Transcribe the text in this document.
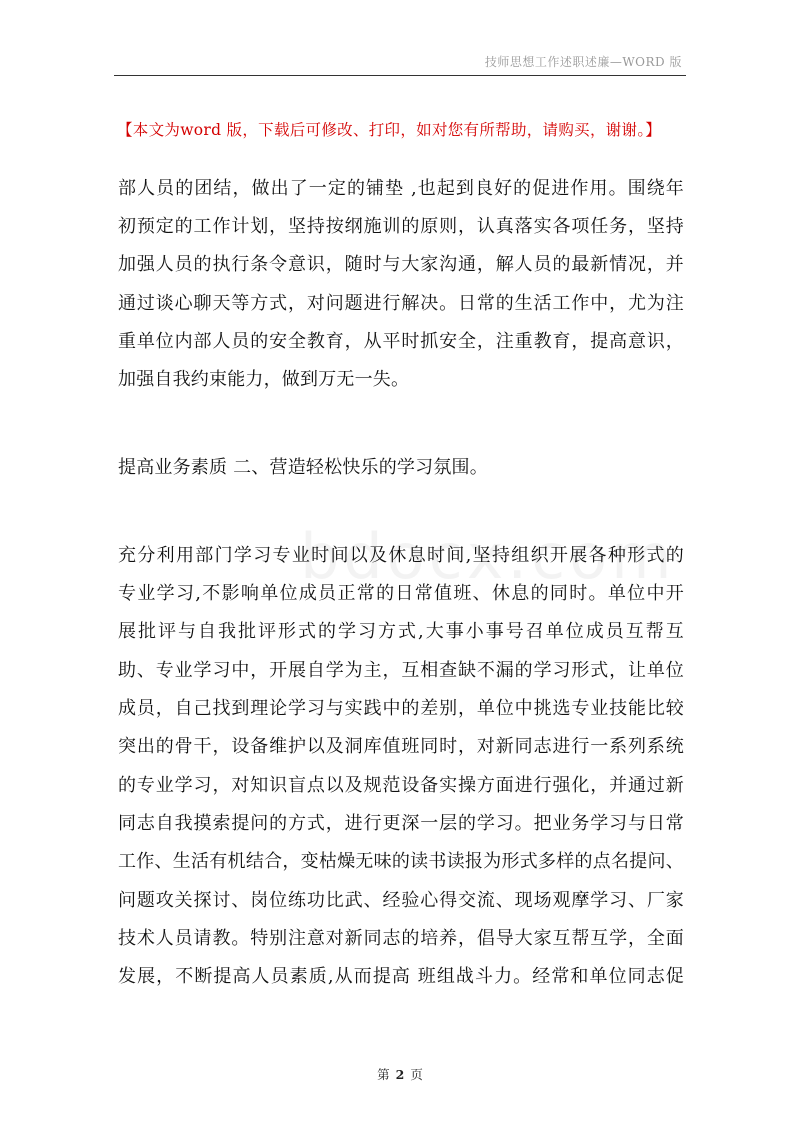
技师思想工作述职述廉—WORD 版
【本文为word 版，下载后可修改、打印，如对您有所帮助，请购买，谢谢。】

部人员的团结，做出了一定的铺垫 ,也起到良好的促进作用。围绕年

初预定的工作计划，坚持按纲施训的原则，认真落实各项任务，坚持

加强人员的执行条令意识，随时与大家沟通，解人员的最新情况，并

通过谈心聊天等方式，对问题进行解决。日常的生活工作中，尤为注

重单位内部人员的安全教育，从平时抓安全，注重教育，提高意识，

加强自我约束能力，做到万无一失。

提高业务素质 二、营造轻松快乐的学习氛围。

充分利用部门学习专业时间以及休息时间,坚持组织开展各种形式的

专业学习,不影响单位成员正常的日常值班、休息的同时。单位中开

展批评与自我批评形式的学习方式,大事小事号召单位成员互帮互

助、专业学习中，开展自学为主，互相查缺不漏的学习形式，让单位

成员，自己找到理论学习与实践中的差别，单位中挑选专业技能比较

突出的骨干，设备维护以及洞库值班同时，对新同志进行一系列系统

的专业学习，对知识盲点以及规范设备实操方面进行强化，并通过新

同志自我摸索提问的方式，进行更深一层的学习。把业务学习与日常

工作、生活有机结合，变枯燥无味的读书读报为形式多样的点名提问、

问题攻关探讨、岗位练功比武、经验心得交流、现场观摩学习、厂家

技术人员请教。特别注意对新同志的培养，倡导大家互帮互学，全面

发展，不断提高人员素质,从而提高 班组战斗力。经常和单位同志促

第 2 页
